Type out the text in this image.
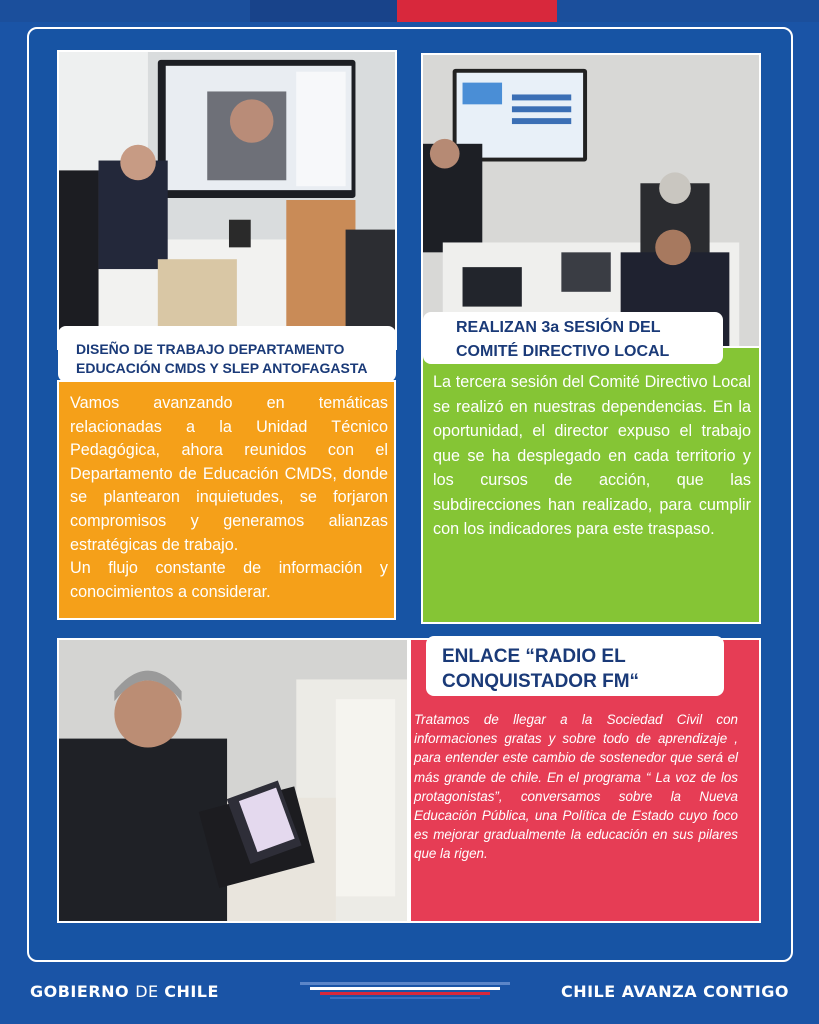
DISEÑO DE TRABAJO DEPARTAMENTO
EDUCACIÓN CMDS Y SLEP ANTOFAGASTA
REALIZAN 3a SESIÓN DEL
COMITÉ DIRECTIVO LOCAL
ENLACE “RADIO EL
CONQUISTADOR FM“

Vamos avanzando en temáticas relacionadas a la Unidad Técnico Pedagógica, ahora reunidos con el Departamento de Educación CMDS, donde se plantearon inquietudes, se forjaron compromisos y generamos alianzas estratégicas de trabajo.

Un flujo constante de información y conocimientos a considerar.

La tercera sesión del Comité Directivo Local se realizó en nuestras dependencias. En la oportunidad, el director expuso el trabajo que se ha desplegado en cada territorio y los cursos de acción, que las subdirecciones han realizado, para cumplir con los indicadores para este traspaso.
Tratamos de llegar a la Sociedad Civil con informaciones gratas y sobre todo de aprendizaje , para entender este cambio de sostenedor que será el más grande de chile. En el programa “ La voz de los protagonistas”, conversamos sobre la Nueva Educación Pública, una Política de Estado cuyo foco es mejorar gradualmente la educación en sus pilares que la rigen.
GOBIERNO DE CHILE	CHILE AVANZA CONTIGO
